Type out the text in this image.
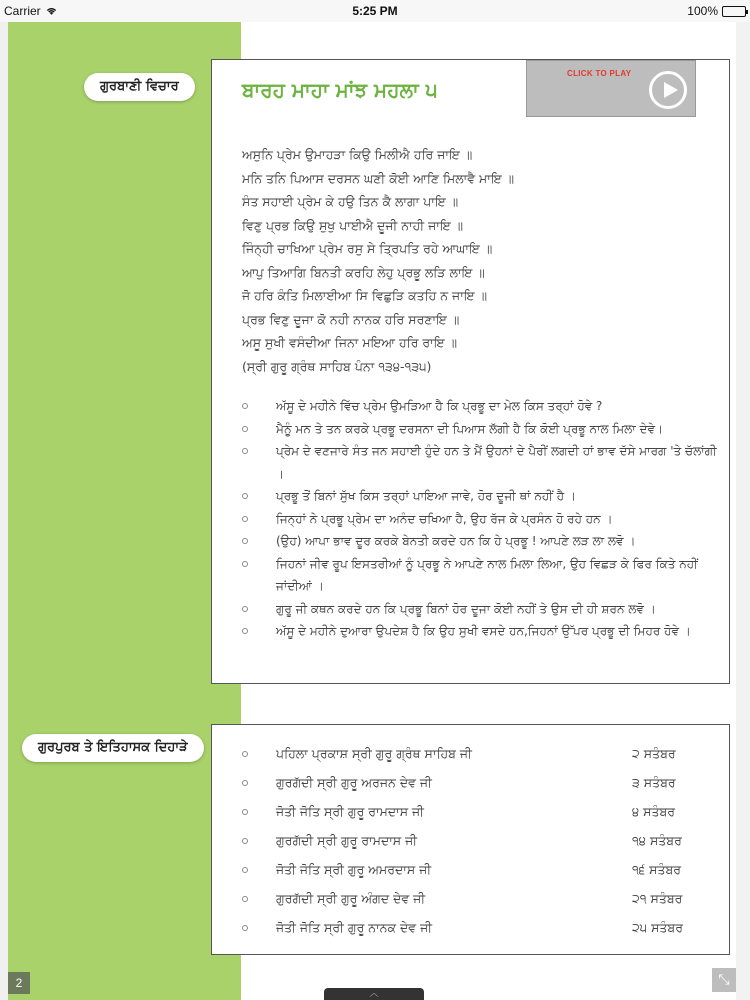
Carrier	5:25 PM	100%
ਬਾਰਹ ਮਾਹਾ ਮਾਂਝ ਮਹਲਾ ੫
ਅਸੁਨਿ ਪ੍ਰੇਮ ਉਮਾਹੜਾ ਕਿਉ ਮਿਲੀਐ ਹਰਿ ਜਾਇ ॥
ਮਨਿ ਤਨਿ ਪਿਆਸ ਦਰਸਨ ਘਣੀ ਕੋਈ ਆਣਿ ਮਿਲਾਵੈ ਮਾਇ ॥
ਸੰਤ ਸਹਾਈ ਪ੍ਰੇਮ ਕੇ ਹਉ ਤਿਨ ਕੈ ਲਾਗਾ ਪਾਇ ॥
ਵਿਣੁ ਪ੍ਰਭ ਕਿਉ ਸੁਖੁ ਪਾਈਐ ਦੂਜੀ ਨਾਹੀ ਜਾਇ ॥
ਜਿੰਨ੍ਹੀ ਚਾਖਿਆ ਪ੍ਰੇਮ ਰਸੁ ਸੇ ਤ੍ਰਿਪਤਿ ਰਹੇ ਆਘਾਇ ॥
ਆਪੁ ਤਿਆਗਿ ਬਿਨਤੀ ਕਰਹਿ ਲੇਹੁ ਪ੍ਰਭੂ ਲੜਿ ਲਾਇ ॥
ਜੋ ਹਰਿ ਕੰਤਿ ਮਿਲਾਈਆ ਸਿ ਵਿਛੁੜਿ ਕਤਹਿ ਨ ਜਾਇ ॥
ਪ੍ਰਭ ਵਿਣੁ ਦੂਜਾ ਕੋ ਨਹੀ ਨਾਨਕ ਹਰਿ ਸਰਣਾਇ ॥
ਅਸੂ ਸੁਖੀ ਵਸੰਦੀਆ ਜਿਨਾ ਮਇਆ ਹਰਿ ਰਾਇ ॥
(ਸ੍ਰੀ ਗੁਰੂ ਗ੍ਰੰਥ ਸਾਹਿਬ ਪੰਨਾ ੧੩੪-੧੩੫)
ਅੱਸੂ ਦੇ ਮਹੀਨੇ ਵਿੱਚ ਪ੍ਰੇਮ ਉਮੜਿਆ ਹੈ ਕਿ ਪ੍ਰਭੂ ਦਾ ਮੇਲ ਕਿਸ ਤਰ੍ਹਾਂ ਹੋਵੇ ?
ਮੈਨੂੰ ਮਨ ਤੇ ਤਨ ਕਰਕੇ ਪ੍ਰਭੂ ਦਰਸਨਾ ਦੀ ਪਿਆਸ ਲੱਗੀ ਹੈ ਕਿ ਕੋਈ ਪ੍ਰਭੂ ਨਾਲ ਮਿਲਾ ਦੇਵੇ।
ਪ੍ਰੇਮ ਦੇ ਵਣਜਾਰੇ ਸੰਤ ਜਨ ਸਹਾਈ ਹੁੰਦੇ ਹਨ ਤੇ ਮੈਂ ਉਹਨਾਂ ਦੇ ਪੈਰੀਂ ਲਗਦੀ ਹਾਂ ਭਾਵ ਦੱਸੇ ਮਾਰਗ 'ਤੇ ਚੱਲਾਂਗੀ ।
ਪ੍ਰਭੂ ਤੋਂ ਬਿਨਾਂ ਸੁੱਖ ਕਿਸ ਤਰ੍ਹਾਂ ਪਾਇਆ ਜਾਵੇ, ਹੋਰ ਦੂਜੀ ਥਾਂ ਨਹੀਂ ਹੈ ।
ਜਿਨ੍ਹਾਂ ਨੇ ਪ੍ਰਭੂ ਪ੍ਰੇਮ ਦਾ ਅਨੰਦ ਚਖਿਆ ਹੈ, ਉਹ ਰੱਜ ਕੇ ਪ੍ਰਸੰਨ ਹੋ ਰਹੇ ਹਨ ।
(ਉਹ) ਆਪਾ ਭਾਵ ਦੂਰ ਕਰਕੇ ਬੇਨਤੀ ਕਰਦੇ ਹਨ ਕਿ ਹੇ ਪ੍ਰਭੂ ! ਆਪਣੇ ਲੜ ਲਾ ਲਵੋ ।
ਜਿਹਨਾਂ ਜੀਵ ਰੂਪ ਇਸਤਰੀਆਂ ਨੂੰ ਪ੍ਰਭੂ ਨੇ ਆਪਣੇ ਨਾਲ ਮਿਲਾ ਲਿਆ, ਉਹ ਵਿਛੜ ਕੇ ਫਿਰ ਕਿਤੇ ਨਹੀਂ ਜਾਂਦੀਆਂ ।
ਗੁਰੂ ਜੀ ਕਥਨ ਕਰਦੇ ਹਨ ਕਿ ਪ੍ਰਭੂ ਬਿਨਾਂ ਹੋਰ ਦੂਜਾ ਕੋਈ ਨਹੀਂ ਤੇ ਉਸ ਦੀ ਹੀ ਸ਼ਰਨ ਲਵੋ ।
ਅੱਸੂ ਦੇ ਮਹੀਨੇ ਦੁਆਰਾ ਉਪਦੇਸ਼ ਹੈ ਕਿ ਉਹ ਸੁਖੀ ਵਸਦੇ ਹਨ,ਜਿਹਨਾਂ ਉੱਪਰ ਪ੍ਰਭੂ ਦੀ ਮਿਹਰ ਹੋਵੇ ।
CLICK TO PLAY
ਗੁਰਬਾਣੀ ਵਿਚਾਰ
ਪਹਿਲਾ ਪ੍ਰਕਾਸ਼ ਸ੍ਰੀ ਗੁਰੂ ਗ੍ਰੰਥ ਸਾਹਿਬ ਜੀ	੨ ਸਤੰਬਰ
ਗੁਰਗੱਦੀ ਸ੍ਰੀ ਗੁਰੂ ਅਰਜਨ ਦੇਵ ਜੀ	੩ ਸਤੰਬਰ
ਜੋਤੀ ਜੋਤਿ ਸ੍ਰੀ ਗੁਰੂ ਰਾਮਦਾਸ ਜੀ	੪ ਸਤੰਬਰ
ਗੁਰਗੱਦੀ ਸ੍ਰੀ ਗੁਰੂ ਰਾਮਦਾਸ ਜੀ	੧੪ ਸਤੰਬਰ
ਜੋਤੀ ਜੋਤਿ ਸ੍ਰੀ ਗੁਰੂ ਅਮਰਦਾਸ ਜੀ	੧੬ ਸਤੰਬਰ
ਗੁਰਗੱਦੀ ਸ੍ਰੀ ਗੁਰੂ ਅੰਗਦ ਦੇਵ ਜੀ	੨੧ ਸਤੰਬਰ
ਜੋਤੀ ਜੋਤਿ ਸ੍ਰੀ ਗੁਰੂ ਨਾਨਕ ਦੇਵ ਜੀ	੨੫ ਸਤੰਬਰ
ਗੁਰਪੁਰਬ ਤੇ ਇਤਿਹਾਸਕ ਦਿਹਾੜੇ
2	⤡
︿
